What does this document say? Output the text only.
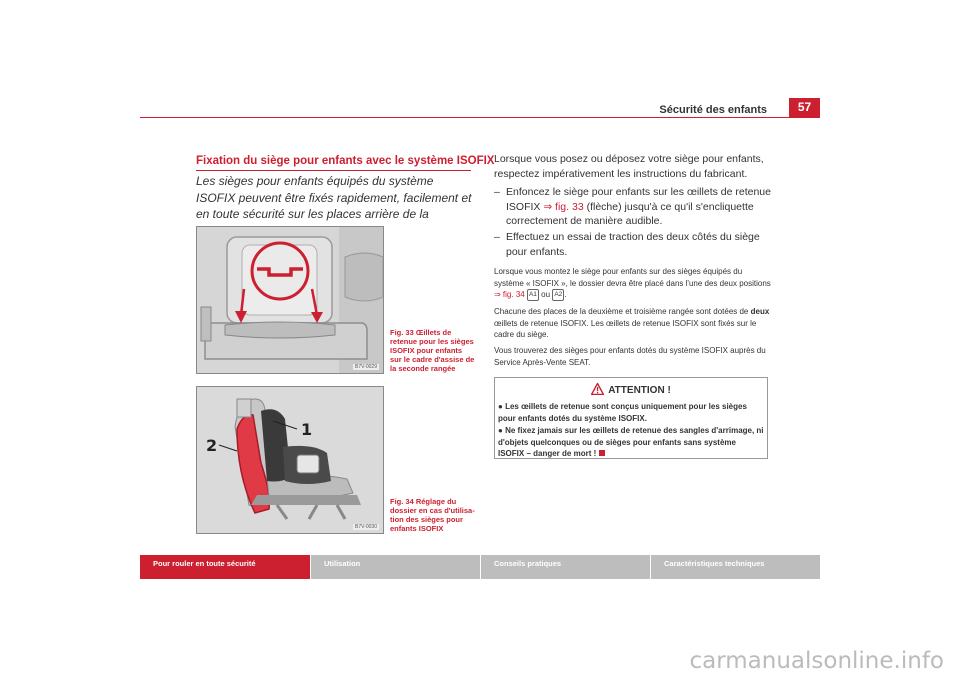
Sécurité des enfants	57
Fixation du siège pour enfants avec le système ISOFIX
Les sièges pour enfants équipés du système ISOFIX peuvent être fixés rapidement, facilement et en toute sécurité sur les places arrière de la
B7V-0029
Fig. 33 Œillets de retenue pour les sièges ISOFIX pour enfants sur le cadre d'assise de la seconde rangée
1
2
B7V-0030
Fig. 34 Réglage du dossier en cas d'utilisa-tion des sièges pour enfants ISOFIX
Lorsque vous posez ou déposez votre siège pour enfants, respectez impérativement les instructions du fabricant.
– Enfoncez le siège pour enfants sur les œillets de retenue ISOFIX ⇒ fig. 33 (flèche) jusqu'à ce qu'il s'encliquette correctement de manière audible.
– Effectuez un essai de traction des deux côtés du siège pour enfants.
Lorsque vous montez le siège pour enfants sur des sièges équipés du système « ISOFIX », le dossier devra être placé dans l'une des deux positions ⇒ fig. 34 A1 ou A2 .
Chacune des places de la deuxième et troisième rangée sont dotées de deux œillets de retenue ISOFIX. Les œillets de retenue ISOFIX sont fixés sur le cadre du siège.
Vous trouverez des sièges pour enfants dotés du système ISOFIX auprès du Service Après-Vente SEAT.
ATTENTION !
● Les œillets de retenue sont conçus uniquement pour les sièges pour enfants dotés du système ISOFIX.
● Ne fixez jamais sur les œillets de retenue des sangles d'arrimage, ni d'objets quelconques ou de sièges pour enfants sans système ISOFIX – danger de mort !
Pour rouler en toute sécurité	Utilisation	Conseils pratiques	Caractéristiques techniques
carmanualsonline.info
